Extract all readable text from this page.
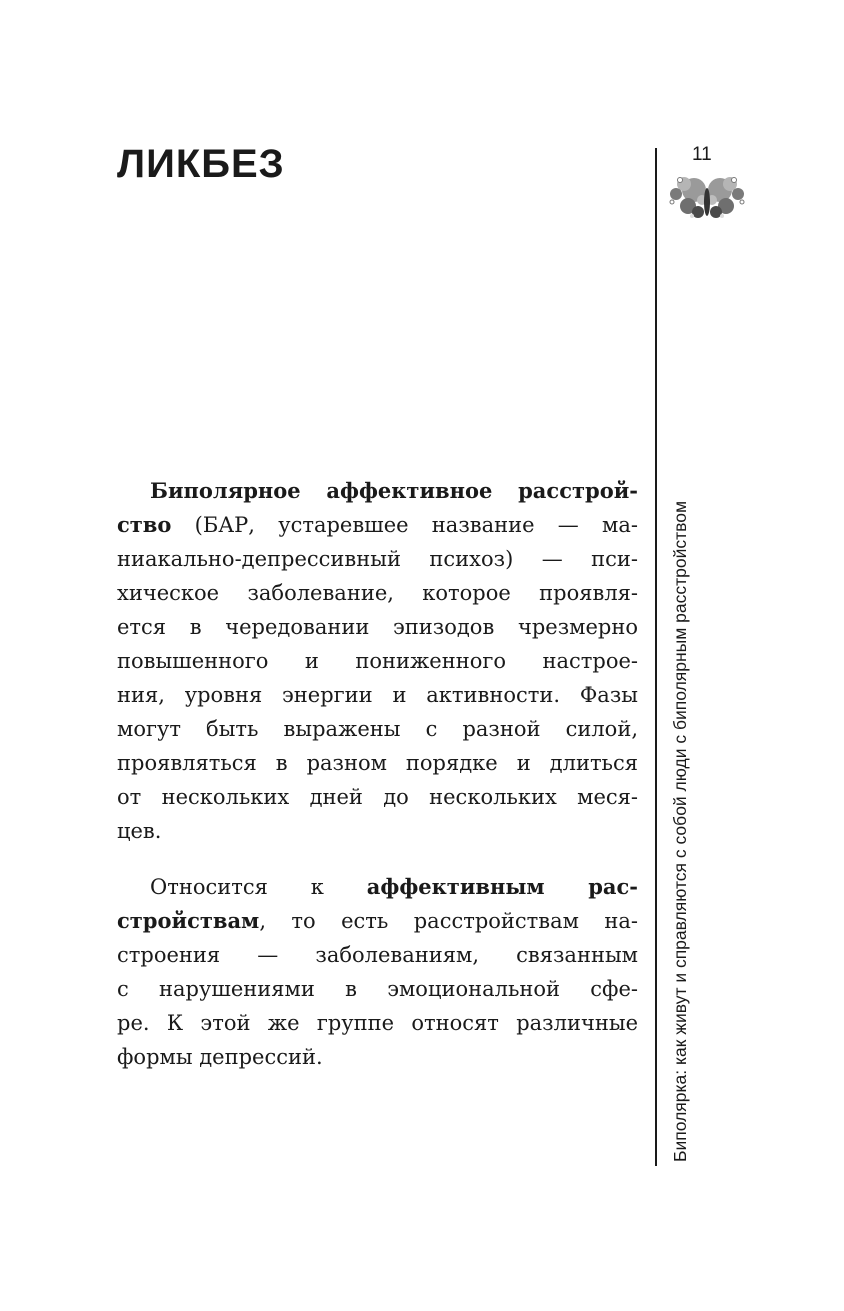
ЛИКБЕЗ	11
Биполярка: как живут и справляются с собой люди с биполярным расстройством
Биполярное аффективное расстрой-
ство (БАР, устаревшее название — ма-
ниакально-депрессивный психоз) — пси-
хическое заболевание, которое проявля-
ется в чередовании эпизодов чрезмерно
повышенного и пониженного настрое-
ния, уровня энергии и активности. Фазы
могут быть выражены с разной силой,
проявляться в разном порядке и длиться
от нескольких дней до нескольких меся-
цев.
Относится к аффективным рас-
стройствам, то есть расстройствам на-
строения — заболеваниям, связанным
с нарушениями в эмоциональной сфе-
ре. К этой же группе относят различные
формы депрессий.
